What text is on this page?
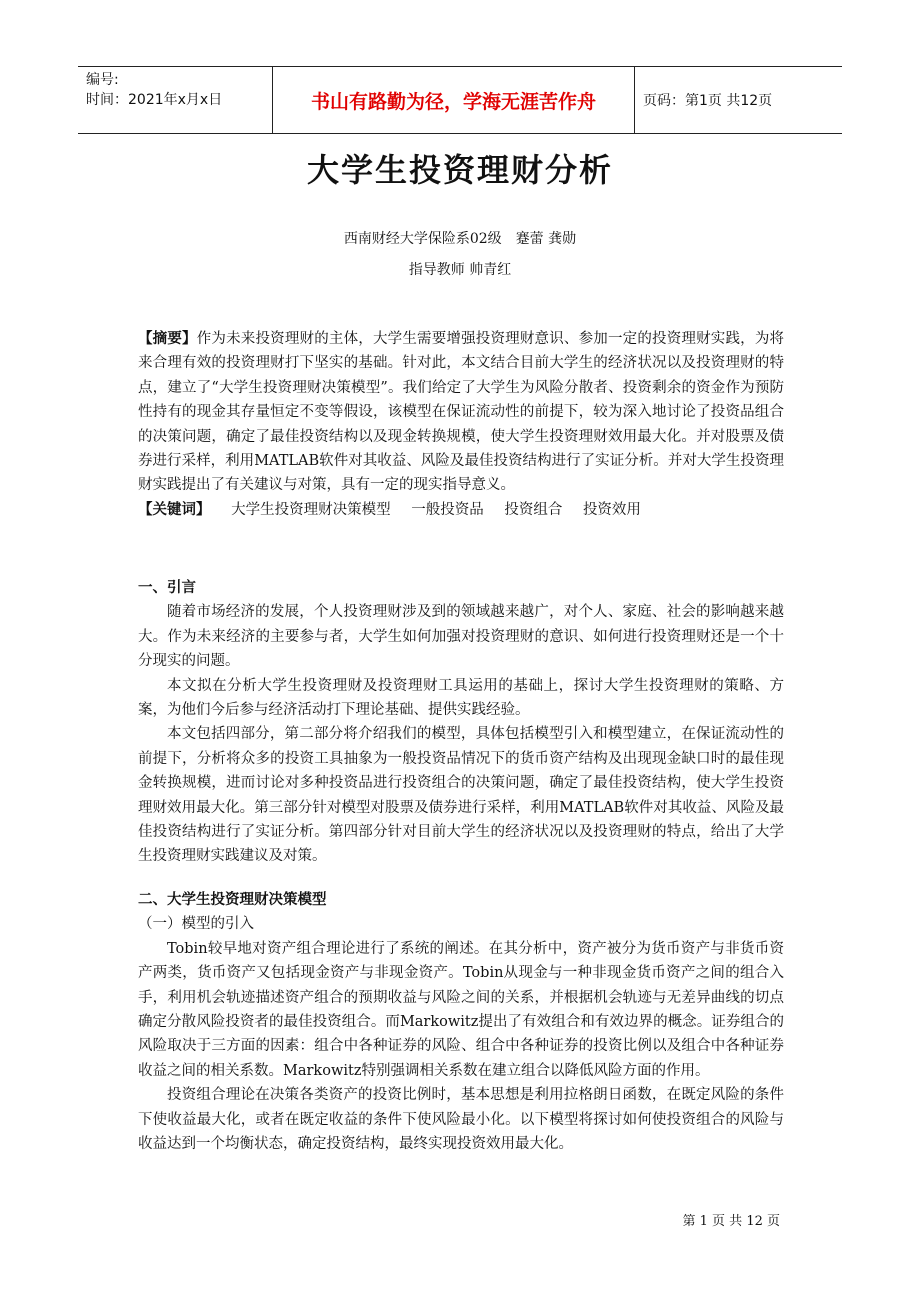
编号:
时间：2021年x月x日	书山有路勤为径，学海无涯苦作舟	页码：第1页 共12页
大学生投资理财分析
西南财经大学保险系02级　蹇蕾 龚勋
指导教师 帅青红

【摘要】作为未来投资理财的主体，大学生需要增强投资理财意识、参加一定的投资理财实践，为将来合理有效的投资理财打下坚实的基础。针对此，本文结合目前大学生的经济状况以及投资理财的特点，建立了“大学生投资理财决策模型”。我们给定了大学生为风险分散者、投资剩余的资金作为预防性持有的现金其存量恒定不变等假设，该模型在保证流动性的前提下，较为深入地讨论了投资品组合的决策问题，确定了最佳投资结构以及现金转换规模，使大学生投资理财效用最大化。并对股票及债券进行采样，利用MATLAB软件对其收益、风险及最佳投资结构进行了实证分析。并对大学生投资理财实践提出了有关建议与对策，具有一定的现实指导意义。

【关键词】 大学生投资理财决策模型 一般投资品 投资组合 投资效用

一、引言

随着市场经济的发展，个人投资理财涉及到的领域越来越广，对个人、家庭、社会的影响越来越大。作为未来经济的主要参与者，大学生如何加强对投资理财的意识、如何进行投资理财还是一个十分现实的问题。

本文拟在分析大学生投资理财及投资理财工具运用的基础上，探讨大学生投资理财的策略、方案，为他们今后参与经济活动打下理论基础、提供实践经验。

本文包括四部分，第二部分将介绍我们的模型，具体包括模型引入和模型建立，在保证流动性的前提下，分析将众多的投资工具抽象为一般投资品情况下的货币资产结构及出现现金缺口时的最佳现金转换规模，进而讨论对多种投资品进行投资组合的决策问题，确定了最佳投资结构，使大学生投资理财效用最大化。第三部分针对模型对股票及债券进行采样，利用MATLAB软件对其收益、风险及最佳投资结构进行了实证分析。第四部分针对目前大学生的经济状况以及投资理财的特点，给出了大学生投资理财实践建议及对策。

二、大学生投资理财决策模型

（一）模型的引入

Tobin较早地对资产组合理论进行了系统的阐述。在其分析中，资产被分为货币资产与非货币资产两类，货币资产又包括现金资产与非现金资产。Tobin从现金与一种非现金货币资产之间的组合入手，利用机会轨迹描述资产组合的预期收益与风险之间的关系，并根据机会轨迹与无差异曲线的切点确定分散风险投资者的最佳投资组合。而Markowitz提出了有效组合和有效边界的概念。证券组合的风险取决于三方面的因素：组合中各种证券的风险、组合中各种证券的投资比例以及组合中各种证券收益之间的相关系数。Markowitz特别强调相关系数在建立组合以降低风险方面的作用。

投资组合理论在决策各类资产的投资比例时，基本思想是利用拉格朗日函数，在既定风险的条件下使收益最大化，或者在既定收益的条件下使风险最小化。以下模型将探讨如何使投资组合的风险与收益达到一个均衡状态，确定投资结构，最终实现投资效用最大化。

第 1 页 共 12 页
